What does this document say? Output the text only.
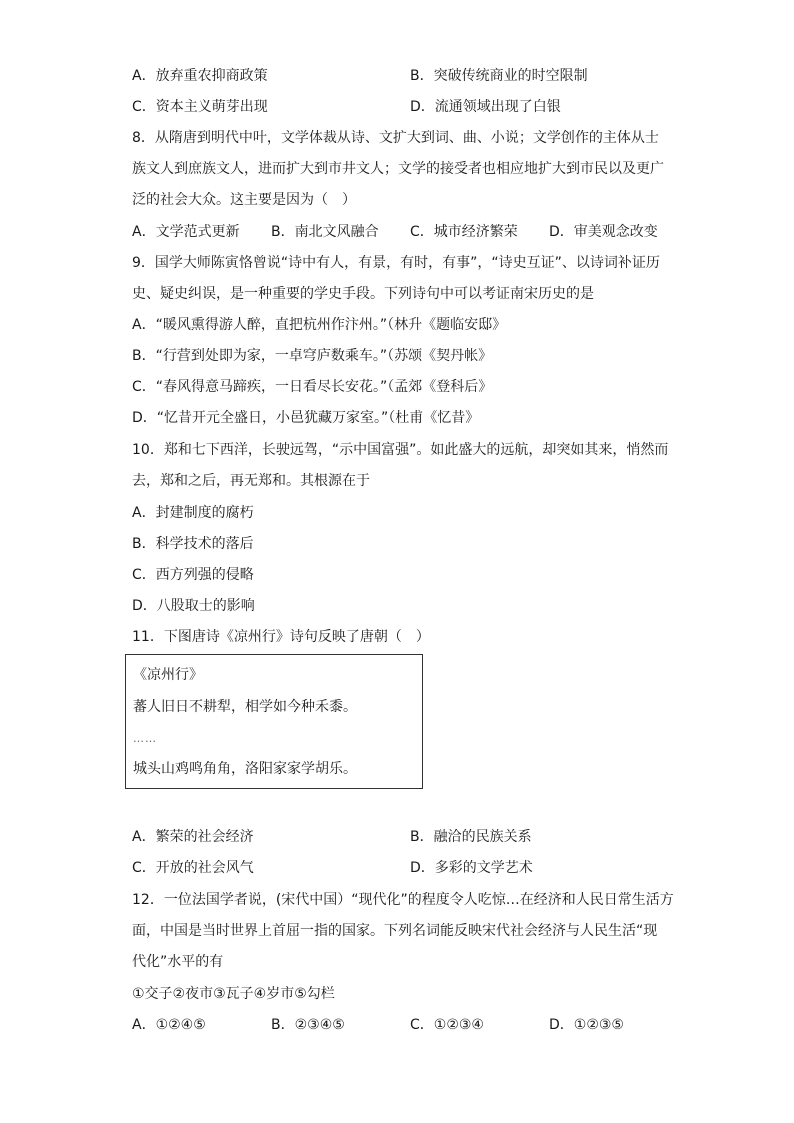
A．放弃重农抑商政策	B．突破传统商业的时空限制
C．资本主义萌芽出现	D．流通领域出现了白银
8．从隋唐到明代中叶，文学体裁从诗、文扩大到词、曲、小说；文学创作的主体从士
族文人到庶族文人，进而扩大到市井文人；文学的接受者也相应地扩大到市民以及更广
泛的社会大众。这主要是因为（　）
A．文学范式更新 B．南北文风融合 C．城市经济繁荣 D．审美观念改变
9．国学大师陈寅恪曾说“诗中有人，有景，有时，有事”，“诗史互证”、以诗词补证历
史、疑史纠误，是一种重要的学史手段。下列诗句中可以考证南宋历史的是
A．“暖风熏得游人醉，直把杭州作汴州。”（林升《题临安邸》
B．“行营到处即为家，一卓穹庐数乘车。”（苏颂《契丹帐》
C．“春风得意马蹄疾，一日看尽长安花。”（孟郊《登科后》
D．“忆昔开元全盛日，小邑犹藏万家室。”（杜甫《忆昔》
10．郑和七下西洋，长驶远驾，“示中国富强”。如此盛大的远航，却突如其来，悄然而
去，郑和之后，再无郑和。其根源在于
A．封建制度的腐朽
B．科学技术的落后
C．西方列强的侵略
D．八股取士的影响
11．下图唐诗《凉州行》诗句反映了唐朝（　）
《凉州行》
蕃人旧日不耕犁，相学如今种禾黍。
……
城头山鸡鸣角角，洛阳家家学胡乐。
A．繁荣的社会经济	B．融洽的民族关系
C．开放的社会风气	D．多彩的文学艺术
12．一位法国学者说，(宋代中国）“现代化”的程度令人吃惊…在经济和人民日常生活方
面，中国是当时世界上首屈一指的国家。下列名词能反映宋代社会经济与人民生活“现
代化”水平的有
①交子②夜市③瓦子④岁市⑤勾栏
A．①②④⑤	B．②③④⑤	C．①②③④	D．①②③⑤
